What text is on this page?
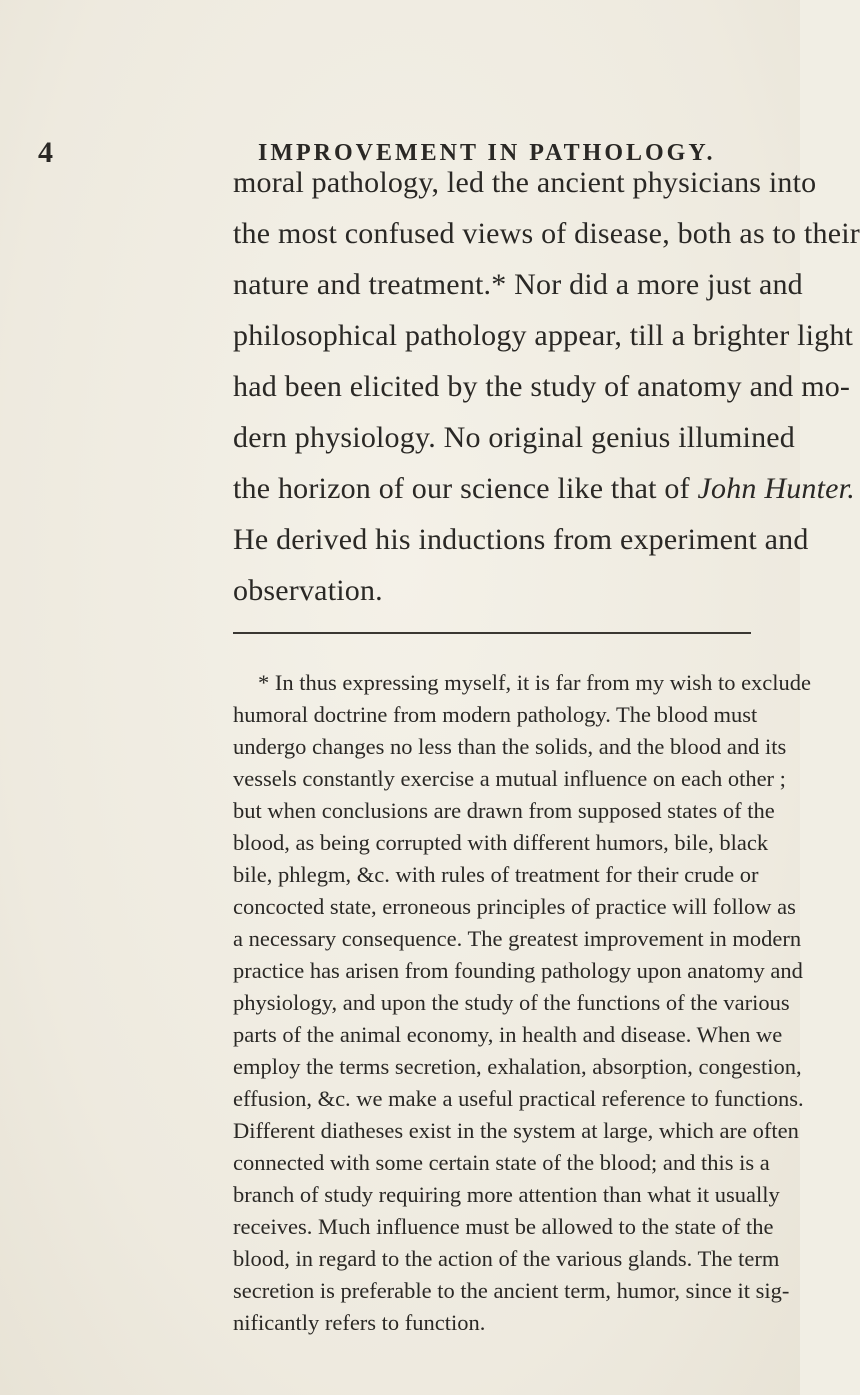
4	IMPROVEMENT IN PATHOLOGY.
moral pathology, led the ancient physicians into
the most confused views of disease, both as to their
nature and treatment.* Nor did a more just and
philosophical pathology appear, till a brighter light
had been elicited by the study of anatomy and mo-
dern physiology. No original genius illumined
the horizon of our science like that of John Hunter.
He derived his inductions from experiment and
observation.
* In thus expressing myself, it is far from my wish to exclude
humoral doctrine from modern pathology. The blood must
undergo changes no less than the solids, and the blood and its
vessels constantly exercise a mutual influence on each other ;
but when conclusions are drawn from supposed states of the
blood, as being corrupted with different humors, bile, black
bile, phlegm, &c. with rules of treatment for their crude or
concocted state, erroneous principles of practice will follow as
a necessary consequence. The greatest improvement in modern
practice has arisen from founding pathology upon anatomy and
physiology, and upon the study of the functions of the various
parts of the animal economy, in health and disease. When we
employ the terms secretion, exhalation, absorption, congestion,
effusion, &c. we make a useful practical reference to functions.
Different diatheses exist in the system at large, which are often
connected with some certain state of the blood; and this is a
branch of study requiring more attention than what it usually
receives. Much influence must be allowed to the state of the
blood, in regard to the action of the various glands. The term
secretion is preferable to the ancient term, humor, since it sig-
nificantly refers to function.
